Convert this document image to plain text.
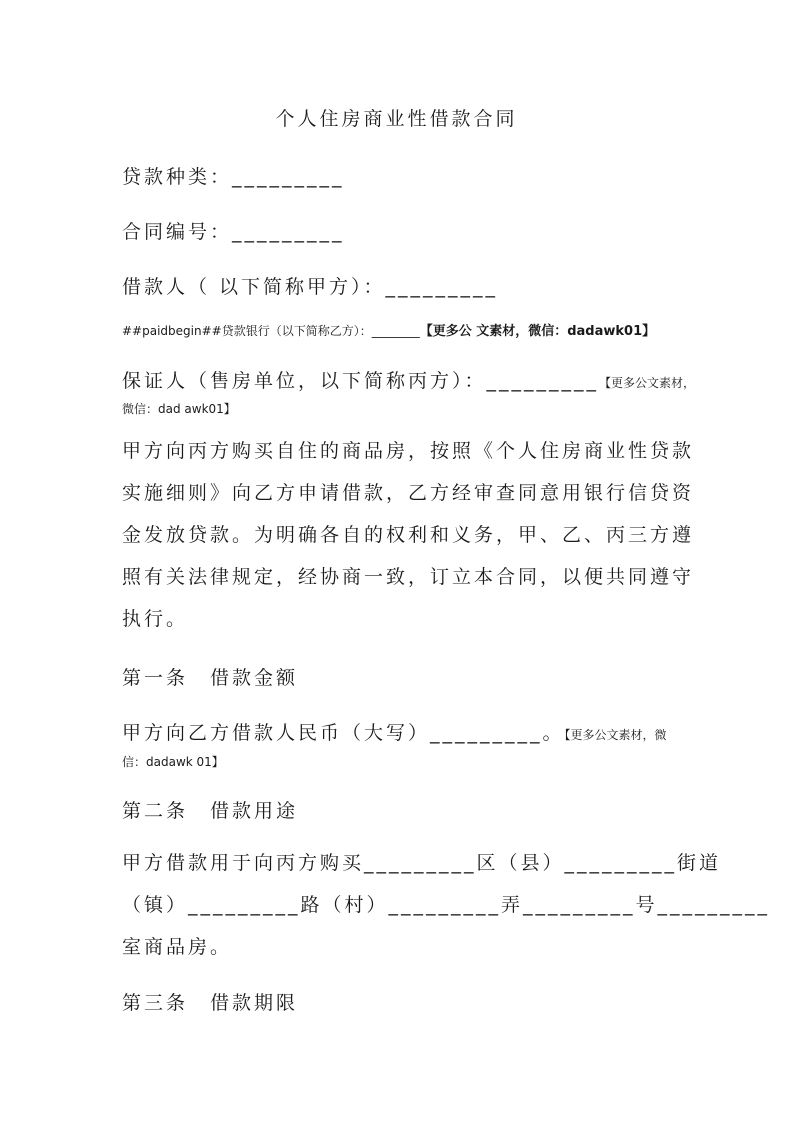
个人住房商业性借款合同
贷款种类：_________
合同编号：_________
借款人（ 以下简称甲方）：_________
##paidbegin##贷款银行（以下简称乙方）：________【更多公 文素材，微信：dadawk01】
保证人（售房单位，以下简称丙方）：_________【更多公文素材，
微信：dad awk01】
甲方向丙方购买自住的商品房，按照《个人住房商业性贷款
实施细则》向乙方申请借款，乙方经审查同意用银行信贷资
金发放贷款。为明确各自的权利和义务，甲、乙、丙三方遵
照有关法律规定，经协商一致，订立本合同，以便共同遵守
执行。
第一条　借款金额
甲方向乙方借款人民币（大写）_________。【更多公文素材，微
信：dadawk 01】
第二条　借款用途
甲方借款用于向丙方购买_________区（县）_________街道
（镇）_________路（村）_________弄_________号_________
室商品房。
第三条　借款期限
